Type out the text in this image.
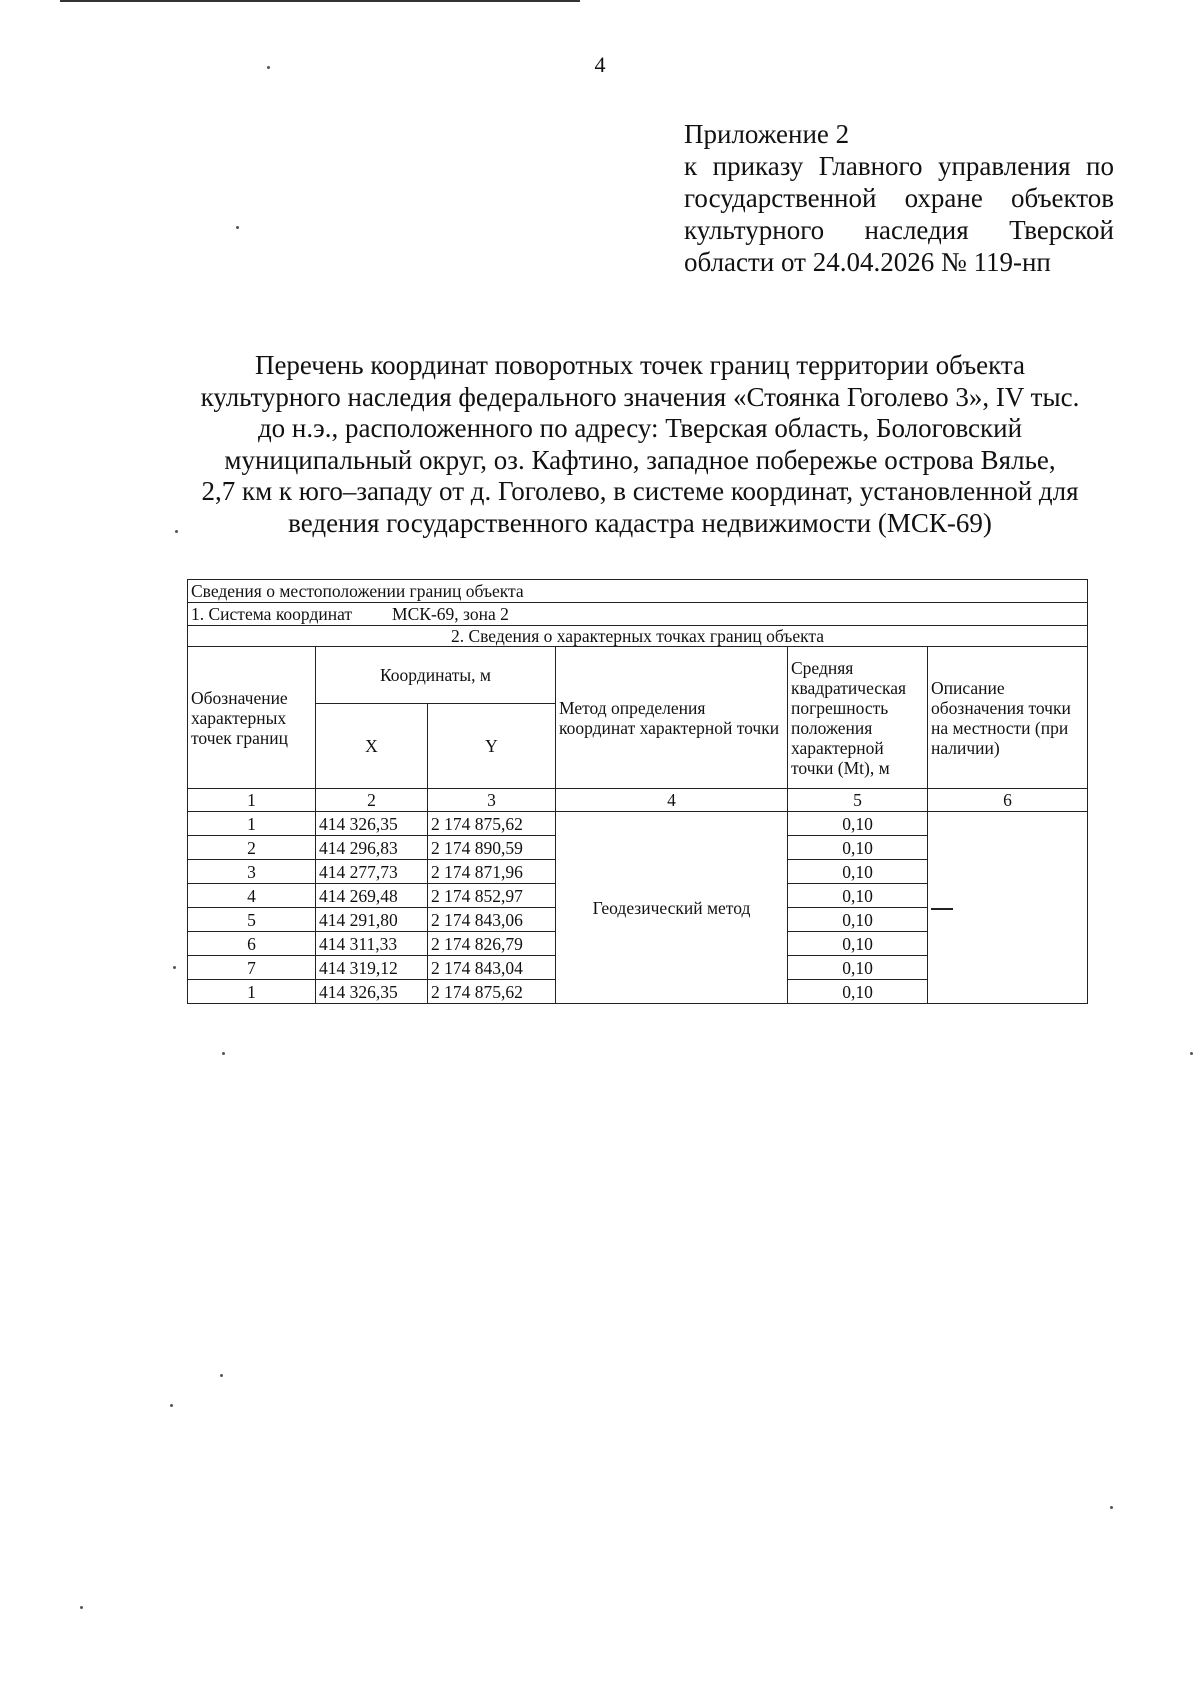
4
Приложение 2
к приказу Главного управления по
государственной охране объектов
культурного наследия Тверской
области от 24.04.2026 № 119-нп
Перечень координат поворотных точек границ территории объекта
культурного наследия федерального значения «Стоянка Гоголево 3», IV тыс.
до н.э., расположенного по адресу: Тверская область, Бологовский
муниципальный округ, оз. Кафтино, западное побережье острова Вялье,
2,7 км к юго–западу от д. Гоголево, в системе координат, установленной для
ведения государственного кадастра недвижимости (МСК-69)
Сведения о местоположении границ объекта					
1. Система координат МСК-69, зона 2					
2. Сведения о характерных точках границ объекта					
Обозначение характерных точек границ	Координаты, м		Метод определения координат характерной точки	Средняя квадратическая погрешность положения характерной точки (Mt), м	Описание обозначения точки на местности (при наличии)
	X	Y			
1	2	3	4	5	6
1	414 326,35	2 174 875,62	Геодезический метод	0,10	
2	414 296,83	2 174 890,59		0,10	
3	414 277,73	2 174 871,96		0,10	
4	414 269,48	2 174 852,97		0,10	
5	414 291,80	2 174 843,06		0,10	
6	414 311,33	2 174 826,79		0,10	
7	414 319,12	2 174 843,04		0,10	
1	414 326,35	2 174 875,62		0,10	
